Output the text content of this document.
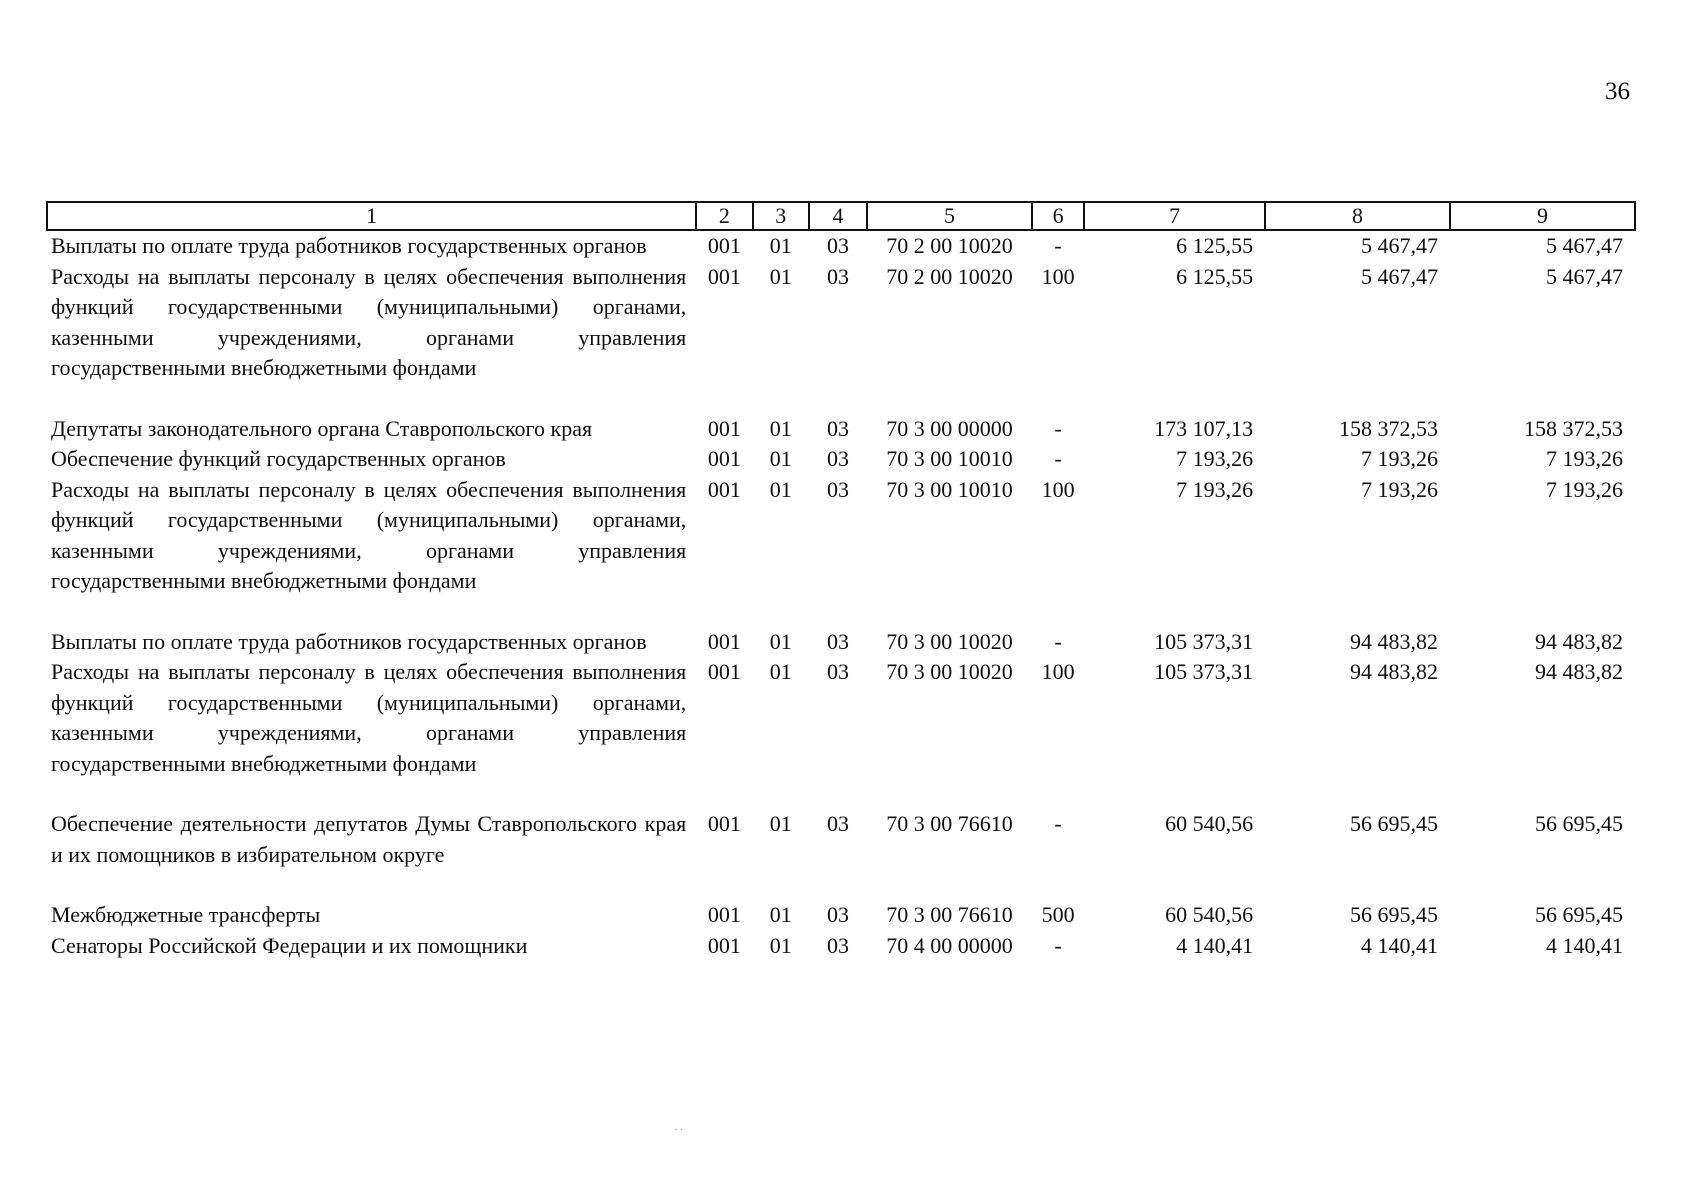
36
1	2	3	4	5	6	7	8	9
Выплаты по оплате труда работников государственных органов	001	01	03	70 2 00 10020	-	6 125,55	5 467,47	5 467,47
Расходы на выплаты персоналу в целях обеспечения выполнения функций государственными (муниципальными) органами, казенными учреждениями, органами управления государственными внебюджетными фондами	001	01	03	70 2 00 10020	100	6 125,55	5 467,47	5 467,47
Депутаты законодательного органа Ставропольского края	001	01	03	70 3 00 00000	-	173 107,13	158 372,53	158 372,53
Обеспечение функций государственных органов	001	01	03	70 3 00 10010	-	7 193,26	7 193,26	7 193,26
Расходы на выплаты персоналу в целях обеспечения выполнения функций государственными (муниципальными) органами, казенными учреждениями, органами управления государственными внебюджетными фондами	001	01	03	70 3 00 10010	100	7 193,26	7 193,26	7 193,26
Выплаты по оплате труда работников государственных органов	001	01	03	70 3 00 10020	-	105 373,31	94 483,82	94 483,82
Расходы на выплаты персоналу в целях обеспечения выполнения функций государственными (муниципальными) органами, казенными учреждениями, органами управления государственными внебюджетными фондами	001	01	03	70 3 00 10020	100	105 373,31	94 483,82	94 483,82
Обеспечение деятельности депутатов Думы Ставропольского края и их помощников в избирательном округе	001	01	03	70 3 00 76610	-	60 540,56	56 695,45	56 695,45
Межбюджетные трансферты	001	01	03	70 3 00 76610	500	60 540,56	56 695,45	56 695,45
Сенаторы Российской Федерации и их помощники	001	01	03	70 4 00 00000	-	4 140,41	4 140,41	4 140,41
˙ ˙
